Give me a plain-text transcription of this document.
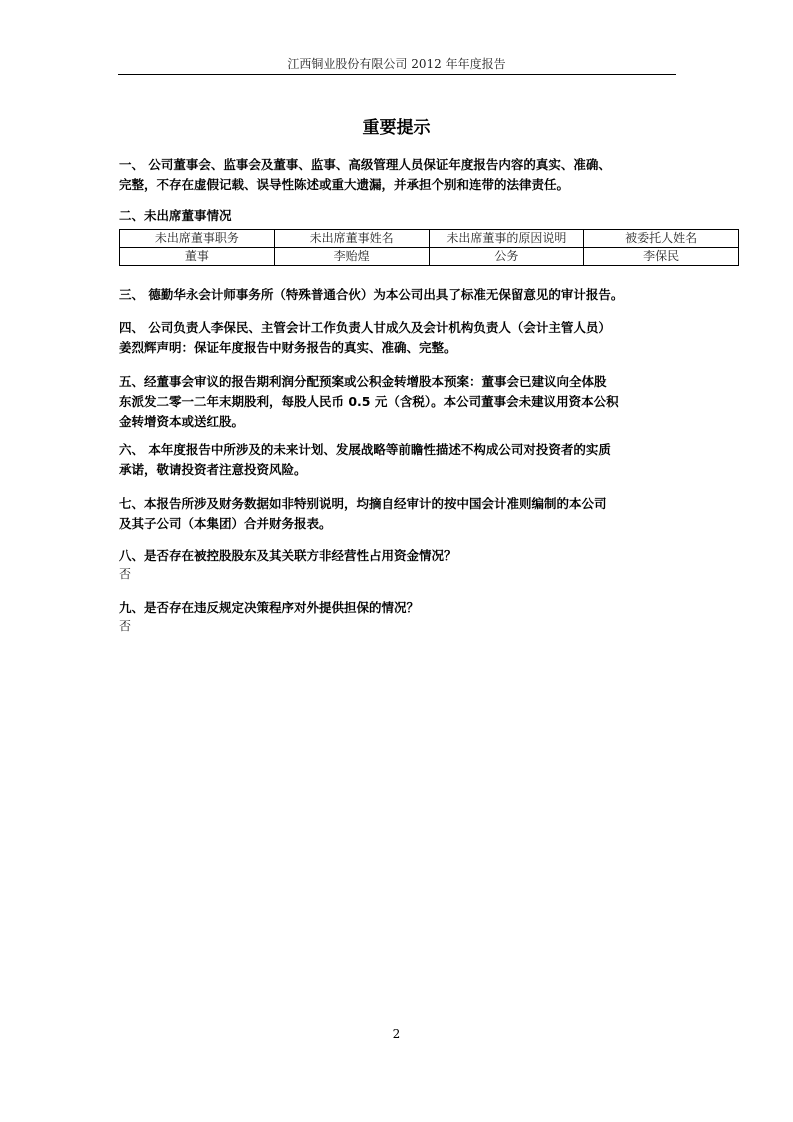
江西铜业股份有限公司 2012 年年度报告
重要提示
一、 公司董事会、监事会及董事、监事、高级管理人员保证年度报告内容的真实、准确、
完整，不存在虚假记载、误导性陈述或重大遗漏，并承担个别和连带的法律责任。
二、未出席董事情况
未出席董事职务	未出席董事姓名	未出席董事的原因说明	被委托人姓名
董事	李贻煌	公务	李保民
三、 德勤华永会计师事务所（特殊普通合伙）为本公司出具了标准无保留意见的审计报告。
四、 公司负责人李保民、主管会计工作负责人甘成久及会计机构负责人（会计主管人员）
姜烈辉声明：保证年度报告中财务报告的真实、准确、完整。
五、经董事会审议的报告期利润分配预案或公积金转增股本预案：董事会已建议向全体股
东派发二零一二年末期股利，每股人民币 0.5 元（含税）。本公司董事会未建议用资本公积
金转增资本或送红股。
六、 本年度报告中所涉及的未来计划、发展战略等前瞻性描述不构成公司对投资者的实质
承诺，敬请投资者注意投资风险。
七、本报告所涉及财务数据如非特别说明，均摘自经审计的按中国会计准则编制的本公司
及其子公司（本集团）合并财务报表。
八、是否存在被控股股东及其关联方非经营性占用资金情况？
否
九、是否存在违反规定决策程序对外提供担保的情况？
否
2
